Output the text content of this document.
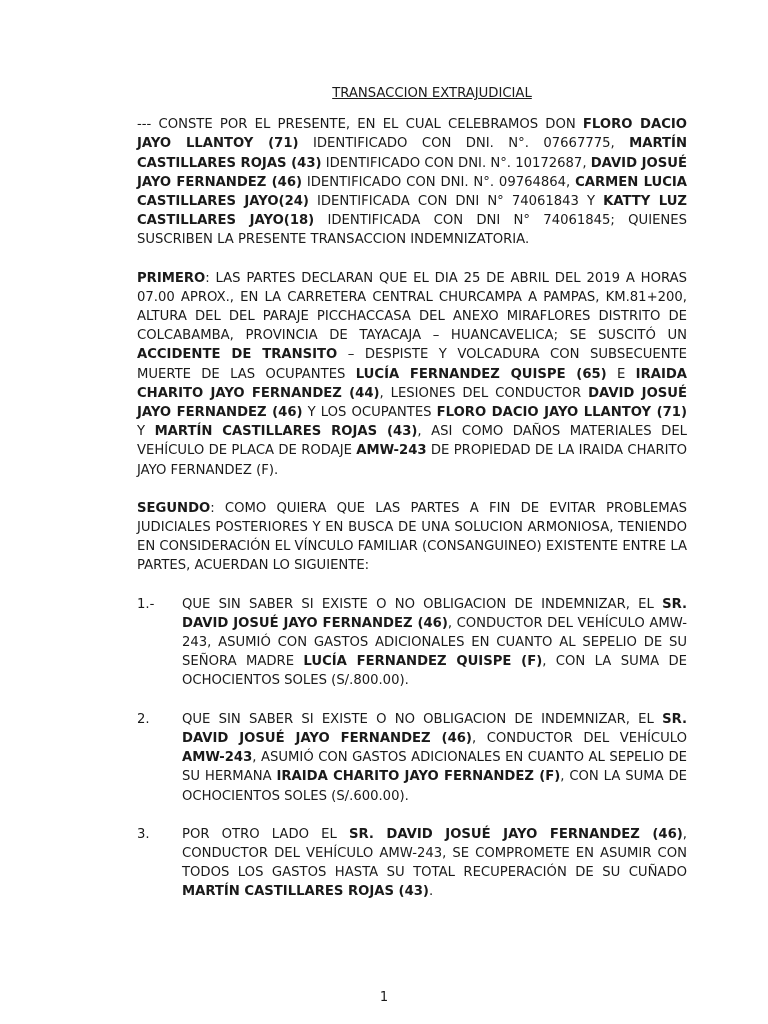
TRANSACCION EXTRAJUDICIAL

--- CONSTE POR EL PRESENTE, EN EL CUAL CELEBRAMOS DON FLORO DACIO JAYO LLANTOY (71) IDENTIFICADO CON DNI. N°. 07667775, MARTÍN CASTILLARES ROJAS (43) IDENTIFICADO CON DNI. N°. 10172687, DAVID JOSUÉ JAYO FERNANDEZ (46) IDENTIFICADO CON DNI. N°. 09764864, CARMEN LUCIA CASTILLARES JAYO(24) IDENTIFICADA CON DNI N° 74061843 Y KATTY LUZ CASTILLARES JAYO(18) IDENTIFICADA CON DNI N° 74061845; QUIENES SUSCRIBEN LA PRESENTE TRANSACCION INDEMNIZATORIA.

PRIMERO: LAS PARTES DECLARAN QUE EL DIA 25 DE ABRIL DEL 2019 A HORAS 07.00 APROX., EN LA CARRETERA CENTRAL CHURCAMPA A PAMPAS, KM.81+200, ALTURA DEL DEL PARAJE PICCHACCASA DEL ANEXO MIRAFLORES DISTRITO DE COLCABAMBA, PROVINCIA DE TAYACAJA – HUANCAVELICA; SE SUSCITÓ UN ACCIDENTE DE TRANSITO – DESPISTE Y VOLCADURA CON SUBSECUENTE MUERTE DE LAS OCUPANTES LUCÍA FERNANDEZ QUISPE (65) E IRAIDA CHARITO JAYO FERNANDEZ (44), LESIONES DEL CONDUCTOR DAVID JOSUÉ JAYO FERNANDEZ (46) Y LOS OCUPANTES FLORO DACIO JAYO LLANTOY (71) Y MARTÍN CASTILLARES ROJAS (43), ASI COMO DAÑOS MATERIALES DEL VEHÍCULO DE PLACA DE RODAJE AMW-243 DE PROPIEDAD DE LA IRAIDA CHARITO JAYO FERNANDEZ (F).

SEGUNDO: COMO QUIERA QUE LAS PARTES A FIN DE EVITAR PROBLEMAS JUDICIALES POSTERIORES Y EN BUSCA DE UNA SOLUCION ARMONIOSA, TENIENDO EN CONSIDERACIÓN EL VÍNCULO FAMILIAR (CONSANGUINEO) EXISTENTE ENTRE LA PARTES, ACUERDAN LO SIGUIENTE:

1.-	QUE SIN SABER SI EXISTE O NO OBLIGACION DE INDEMNIZAR, EL SR. DAVID JOSUÉ JAYO FERNANDEZ (46), CONDUCTOR DEL VEHÍCULO AMW-243, ASUMIÓ CON GASTOS ADICIONALES EN CUANTO AL SEPELIO DE SU SEÑORA MADRE LUCÍA FERNANDEZ QUISPE (F), CON LA SUMA DE OCHOCIENTOS SOLES (S/.800.00).

2.	QUE SIN SABER SI EXISTE O NO OBLIGACION DE INDEMNIZAR, EL SR. DAVID JOSUÉ JAYO FERNANDEZ (46), CONDUCTOR DEL VEHÍCULO AMW-243, ASUMIÓ CON GASTOS ADICIONALES EN CUANTO AL SEPELIO DE SU HERMANA IRAIDA CHARITO JAYO FERNANDEZ (F), CON LA SUMA DE OCHOCIENTOS SOLES (S/.600.00).

3.	POR OTRO LADO EL SR. DAVID JOSUÉ JAYO FERNANDEZ (46), CONDUCTOR DEL VEHÍCULO AMW-243, SE COMPROMETE EN ASUMIR CON TODOS LOS GASTOS HASTA SU TOTAL RECUPERACIÓN DE SU CUÑADO MARTÍN CASTILLARES ROJAS (43).

1
